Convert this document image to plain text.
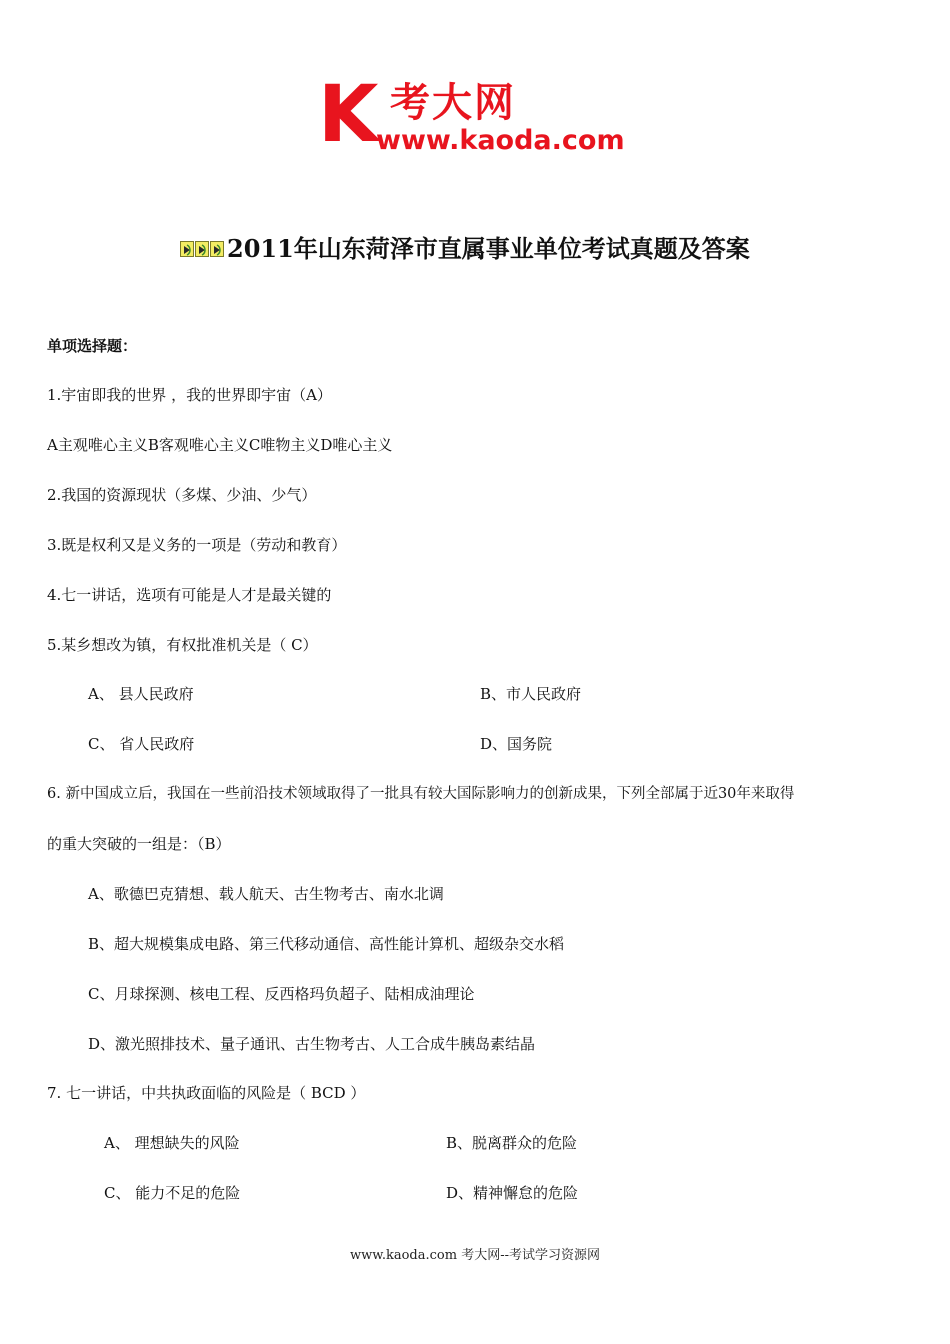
K 考大网
www.kaoda.com
2011年山东菏泽市直属事业单位考试真题及答案
单项选择题：
1.宇宙即我的世界 ，我的世界即宇宙（A）
A主观唯心主义B客观唯心主义C唯物主义D唯心主义
2.我国的资源现状（多煤、少油、少气）
3.既是权利又是义务的一项是（劳动和教育）
4.七一讲话，选项有可能是人才是最关键的
5.某乡想改为镇，有权批准机关是（ C）
A、 县人民政府	B、市人民政府
C、 省人民政府	D、国务院
6. 新中国成立后，我国在一些前沿技术领域取得了一批具有较大国际影响力的创新成果，下列全部属于近30年来取得
的重大突破的一组是：（B）
A、歌德巴克猜想、载人航天、古生物考古、南水北调
B、超大规模集成电路、第三代移动通信、高性能计算机、超级杂交水稻
C、月球探测、核电工程、反西格玛负超子、陆相成油理论
D、激光照排技术、量子通讯、古生物考古、人工合成牛胰岛素结晶
7. 七一讲话，中共执政面临的风险是（ BCD ）
A、 理想缺失的风险	B、脱离群众的危险
C、 能力不足的危险	D、精神懈怠的危险
www.kaoda.com 考大网--考试学习资源网
